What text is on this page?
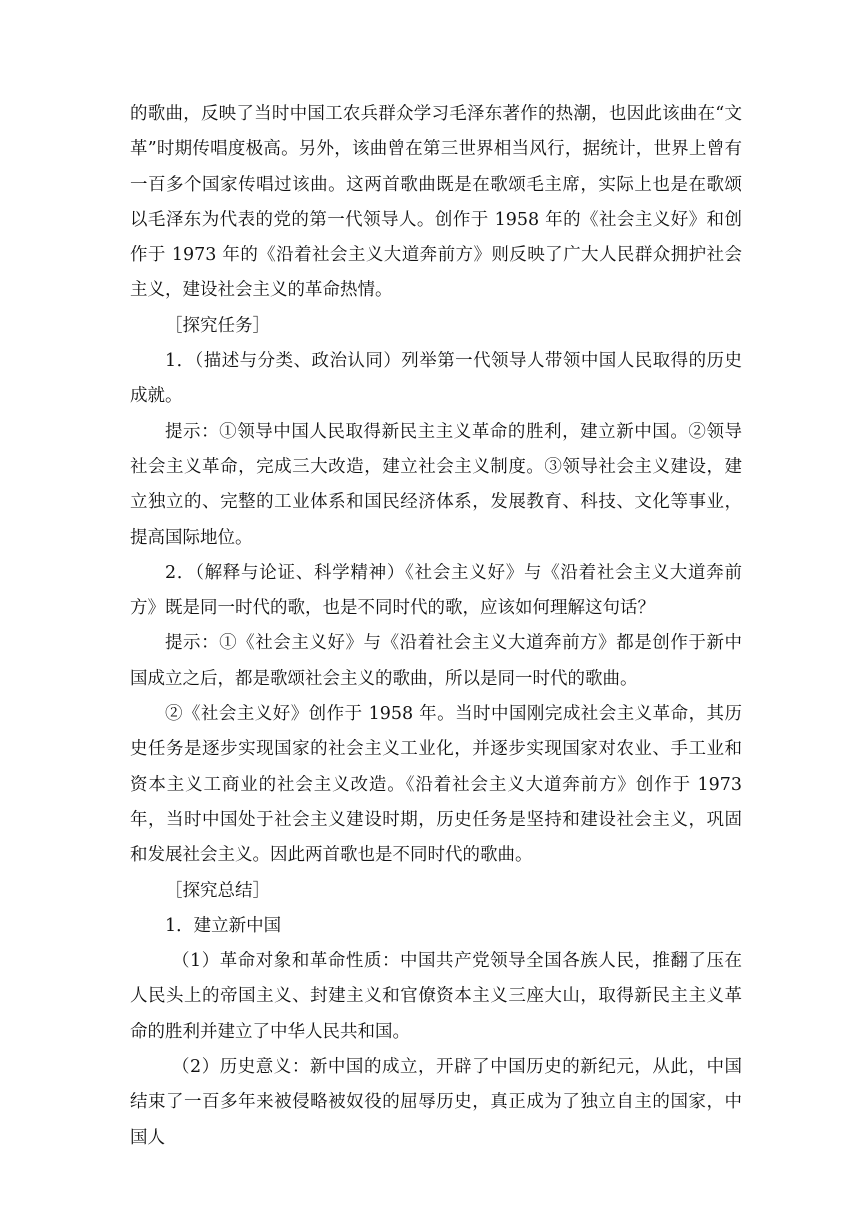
的歌曲，反映了当时中国工农兵群众学习毛泽东著作的热潮，也因此该曲在“文革”时期传唱度极高。另外，该曲曾在第三世界相当风行，据统计，世界上曾有一百多个国家传唱过该曲。这两首歌曲既是在歌颂毛主席，实际上也是在歌颂以毛泽东为代表的党的第一代领导人。创作于 1958 年的《社会主义好》和创作于 1973 年的《沿着社会主义大道奔前方》则反映了广大人民群众拥护社会主义，建设社会主义的革命热情。

［探究任务］

1．（描述与分类、政治认同）列举第一代领导人带领中国人民取得的历史成就。

提示：①领导中国人民取得新民主主义革命的胜利，建立新中国。②领导社会主义革命，完成三大改造，建立社会主义制度。③领导社会主义建设，建立独立的、完整的工业体系和国民经济体系，发展教育、科技、文化等事业，提高国际地位。

2．（解释与论证、科学精神）《社会主义好》与《沿着社会主义大道奔前方》既是同一时代的歌，也是不同时代的歌，应该如何理解这句话？

提示：①《社会主义好》与《沿着社会主义大道奔前方》都是创作于新中国成立之后，都是歌颂社会主义的歌曲，所以是同一时代的歌曲。

②《社会主义好》创作于 1958 年。当时中国刚完成社会主义革命，其历史任务是逐步实现国家的社会主义工业化，并逐步实现国家对农业、手工业和资本主义工商业的社会主义改造。《沿着社会主义大道奔前方》创作于 1973 年，当时中国处于社会主义建设时期，历史任务是坚持和建设社会主义，巩固和发展社会主义。因此两首歌也是不同时代的歌曲。

［探究总结］

1．建立新中国

（1）革命对象和革命性质：中国共产党领导全国各族人民，推翻了压在人民头上的帝国主义、封建主义和官僚资本主义三座大山，取得新民主主义革命的胜利并建立了中华人民共和国。

（2）历史意义：新中国的成立，开辟了中国历史的新纪元，从此，中国结束了一百多年来被侵略被奴役的屈辱历史，真正成为了独立自主的国家，中国人
